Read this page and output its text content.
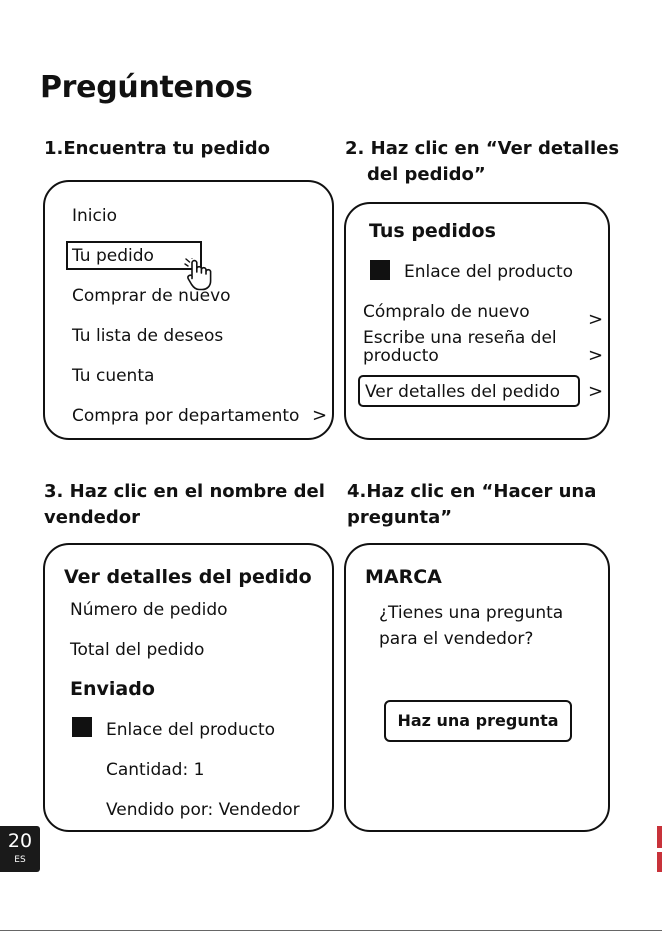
Pregúntenos
1.Encuentra tu pedido
Inicio
Tu pedido
Comprar de nuevo
Tu lista de deseos
Tu cuenta
Compra por departamento >
2. Haz clic en “Ver detalles
del pedido”
Tus pedidos
Enlace del producto
Cómpralo de nuevo	>
Escribe una reseña del
producto	>
Ver detalles del pedido >
3. Haz clic en el nombre del
vendedor
Ver detalles del pedido
Número de pedido
Total del pedido
Enviado
Enlace del producto
Cantidad: 1
Vendido por: Vendedor
4.Haz clic en “Hacer una
pregunta”
MARCA
¿Tienes una pregunta
para el vendedor?
Haz una pregunta
20
ES
